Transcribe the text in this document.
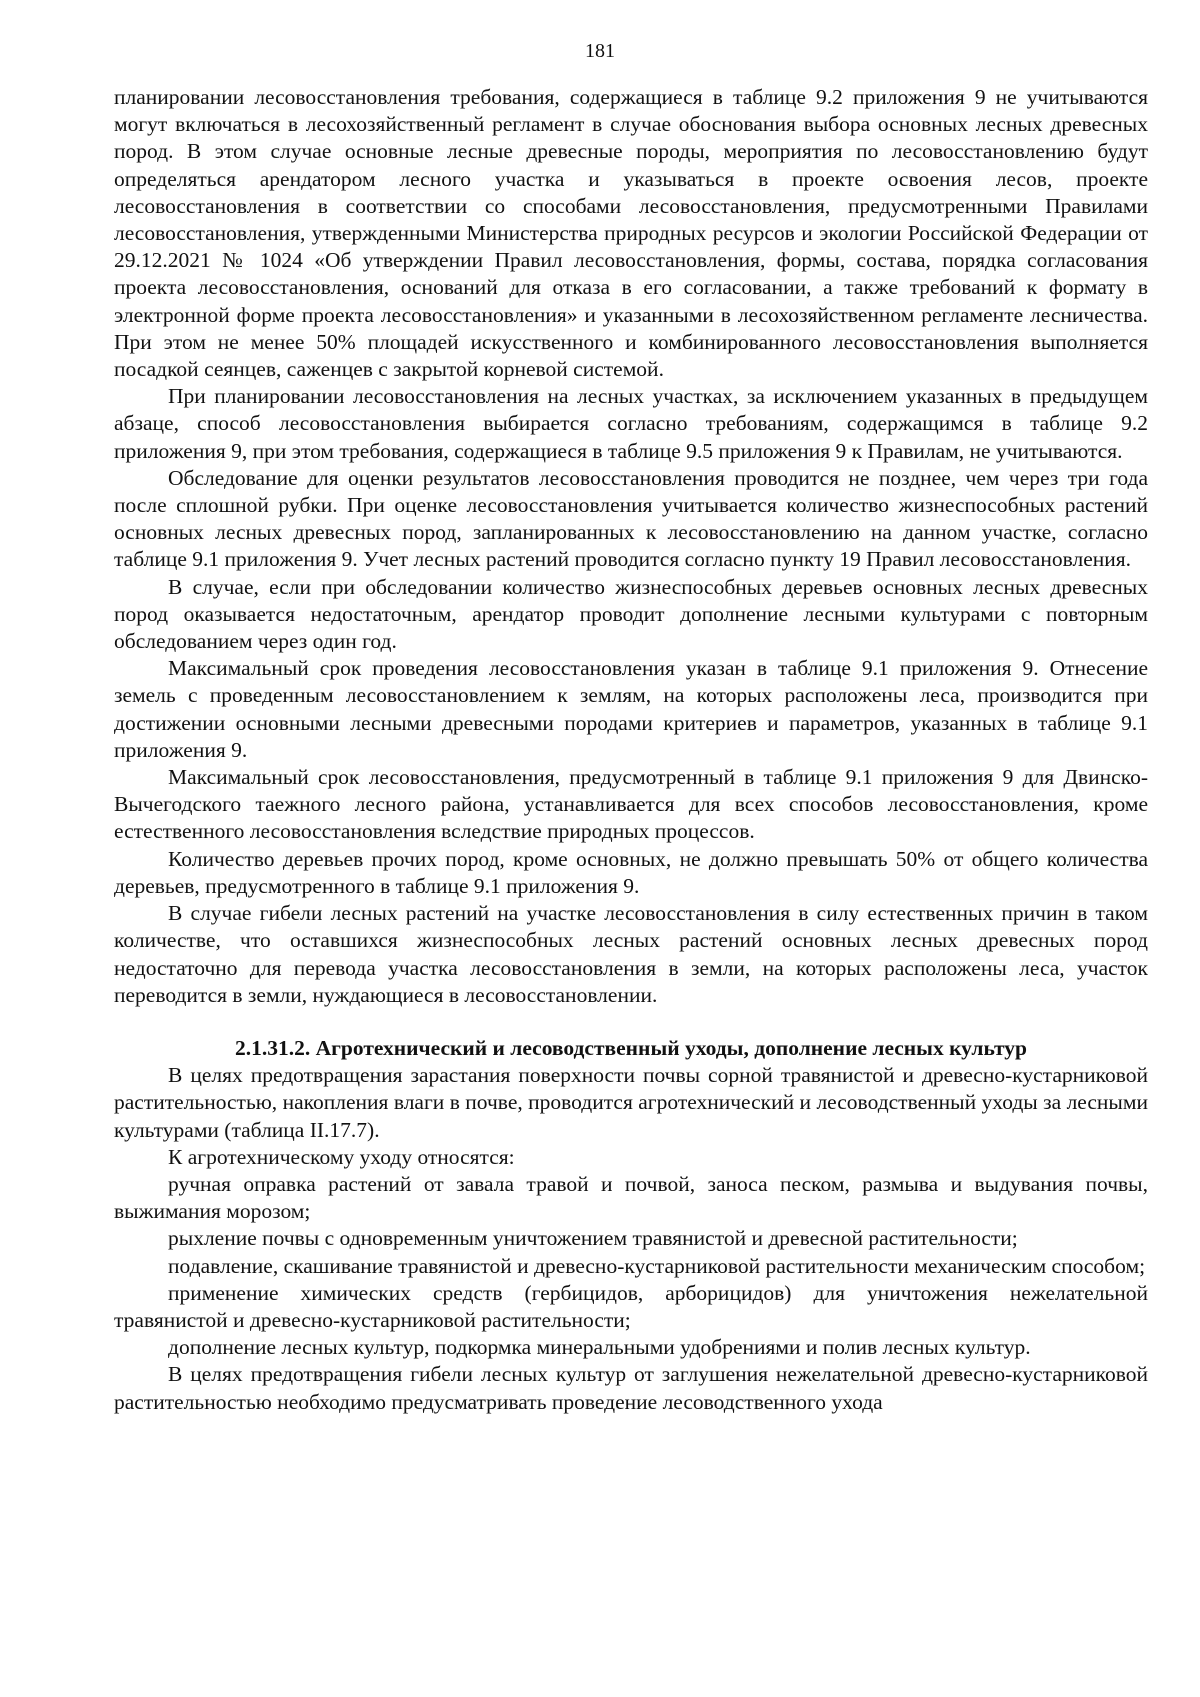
181

планировании лесовосстановления требования, содержащиеся в таблице 9.2 приложения 9 не учитываются могут включаться в лесохозяйственный регламент в случае обоснования выбора основных лесных древесных пород. В этом случае основные лесные древесные породы, мероприятия по лесовосстановлению будут определяться арендатором лесного участка и указываться в проекте освоения лесов, проекте лесовосстановления в соответствии со способами лесовосстановления, предусмотренными Правилами лесовосстановления, утвержденными Министерства природных ресурсов и экологии Российской Федерации от 29.12.2021 № 1024 «Об утверждении Правил лесовосстановления, формы, состава, порядка согласования проекта лесовосстановления, оснований для отказа в его согласовании, а также требований к формату в электронной форме проекта лесовосстановления» и указанными в лесохозяйственном регламенте лесничества. При этом не менее 50% площадей искусственного и комбинированного лесовосстановления выполняется посадкой сеянцев, саженцев с закрытой корневой системой.

При планировании лесовосстановления на лесных участках, за исключением указанных в предыдущем абзаце, способ лесовосстановления выбирается согласно требованиям, содержащимся в таблице 9.2 приложения 9, при этом требования, содержащиеся в таблице 9.5 приложения 9 к Правилам, не учитываются.

Обследование для оценки результатов лесовосстановления проводится не позднее, чем через три года после сплошной рубки. При оценке лесовосстановления учитывается количество жизнеспособных растений основных лесных древесных пород, запланированных к лесовосстановлению на данном участке, согласно таблице 9.1 приложения 9. Учет лесных растений проводится согласно пункту 19 Правил лесовосстановления.

В случае, если при обследовании количество жизнеспособных деревьев основных лесных древесных пород оказывается недостаточным, арендатор проводит дополнение лесными культурами с повторным обследованием через один год.

Максимальный срок проведения лесовосстановления указан в таблице 9.1 приложения 9. Отнесение земель с проведенным лесовосстановлением к землям, на которых расположены леса, производится при достижении основными лесными древесными породами критериев и параметров, указанных в таблице 9.1 приложения 9.

Максимальный срок лесовосстановления, предусмотренный в таблице 9.1 приложения 9 для Двинско-Вычегодского таежного лесного района, устанавливается для всех способов лесовосстановления, кроме естественного лесовосстановления вследствие природных процессов.

Количество деревьев прочих пород, кроме основных, не должно превышать 50% от общего количества деревьев, предусмотренного в таблице 9.1 приложения 9.

В случае гибели лесных растений на участке лесовосстановления в силу естественных причин в таком количестве, что оставшихся жизнеспособных лесных растений основных лесных древесных пород недостаточно для перевода участка лесовосстановления в земли, на которых расположены леса, участок переводится в земли, нуждающиеся в лесовосстановлении.

2.1.31.2. Агротехнический и лесоводственный уходы, дополнение лесных культур

В целях предотвращения зарастания поверхности почвы сорной травянистой и древесно-кустарниковой растительностью, накопления влаги в почве, проводится агротехнический и лесоводственный уходы за лесными культурами (таблица II.17.7).

К агротехническому уходу относятся:

ручная оправка растений от завала травой и почвой, заноса песком, размыва и выдувания почвы, выжимания морозом;

рыхление почвы с одновременным уничтожением травянистой и древесной растительности;

подавление, скашивание травянистой и древесно-кустарниковой растительности механическим способом;

применение химических средств (гербицидов, арборицидов) для уничтожения нежелательной травянистой и древесно-кустарниковой растительности;

дополнение лесных культур, подкормка минеральными удобрениями и полив лесных культур.

В целях предотвращения гибели лесных культур от заглушения нежелательной древесно-кустарниковой растительностью необходимо предусматривать проведение лесоводственного ухода
